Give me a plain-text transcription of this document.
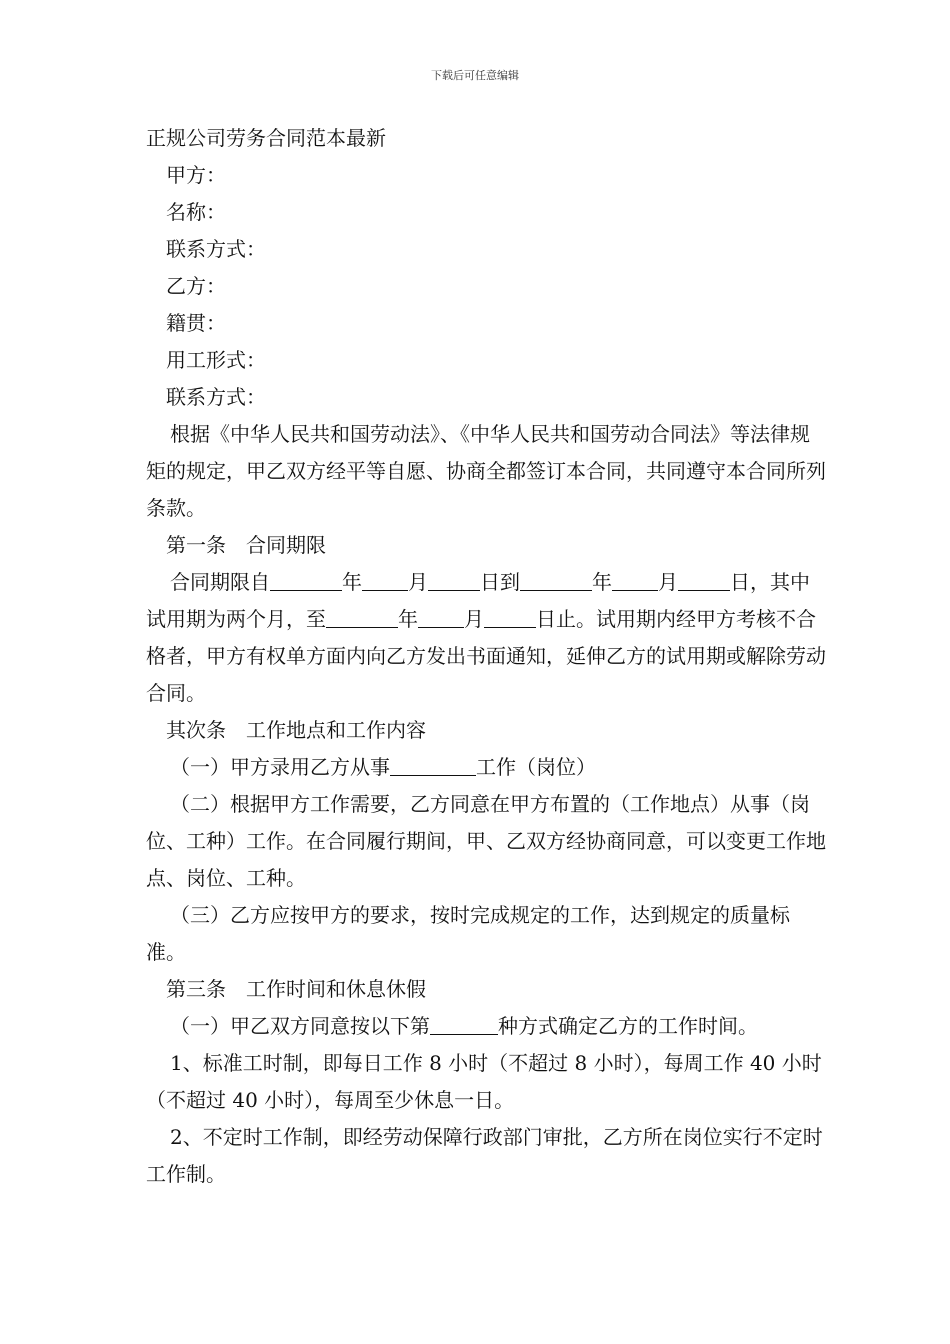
下载后可任意编辑

正规公司劳务合同范本最新

甲方：

名称：

联系方式：

乙方：

籍贯：

用工形式：

联系方式：

根据《中华人民共和国劳动法》、《中华人民共和国劳动合同法》等法律规矩的规定，甲乙双方经平等自愿、协商全都签订本合同，共同遵守本合同所列条款。

第一条　合同期限

合同期限自	年 月	日到	年 月	日，其中试用期为两个月，至	年 月	日止。试用期内经甲方考核不合格者，甲方有权单方面内向乙方发出书面通知，延伸乙方的试用期或解除劳动合同。

其次条　工作地点和工作内容

（一）甲方录用乙方从事	工作（岗位）

（二）根据甲方工作需要，乙方同意在甲方布置的（工作地点）从事（岗位、工种）工作。在合同履行期间，甲、乙双方经协商同意，可以变更工作地点、岗位、工种。

（三）乙方应按甲方的要求，按时完成规定的工作，达到规定的质量标准。

第三条　工作时间和休息休假

（一）甲乙双方同意按以下第	种方式确定乙方的工作时间。

1、标准工时制，即每日工作 8 小时（不超过 8 小时），每周工作 40 小时（不超过 40 小时），每周至少休息一日。

2、不定时工作制，即经劳动保障行政部门审批，乙方所在岗位实行不定时工作制。
